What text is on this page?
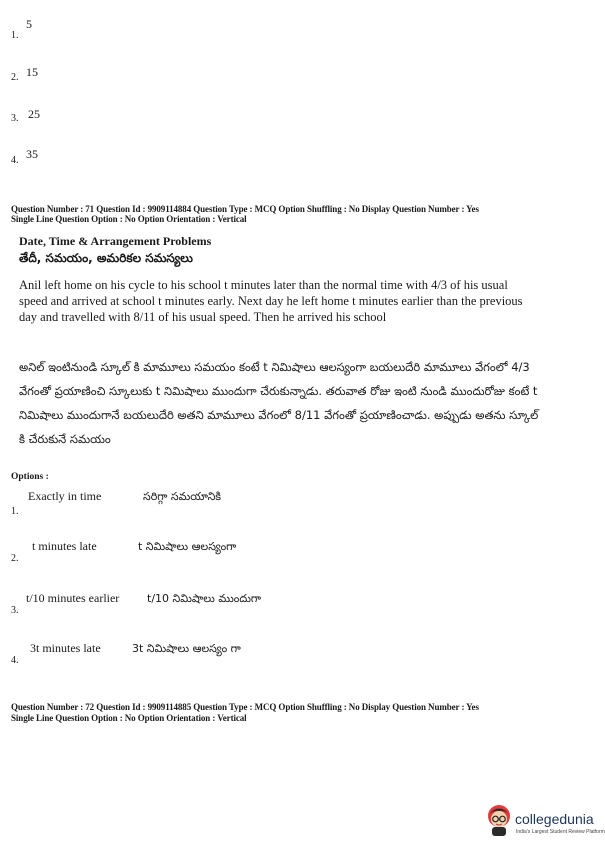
5
1.
15
2.
25
3.
35
4.
Question Number : 71 Question Id : 9909114884 Question Type : MCQ Option Shuffling : No Display Question Number : Yes
Single Line Question Option : No Option Orientation : Vertical
Date, Time & Arrangement Problems
తేదీ, సమయం, అమరికల సమస్యలు
Anil left home on his cycle to his school t minutes later than the normal time with 4/3 of his usual speed and arrived at school t minutes early. Next day he left home t minutes earlier than the previous day and travelled with 8/11 of his usual speed. Then he arrived his school
అనిల్ ఇంటినుండి స్కూల్ కి మామూలు సమయం కంటే t నిమిషాలు ఆలస్యంగా బయలుదేరి మామూలు వేగంలో 4/3 వేగంతో ప్రయాణించి స్కూలుకు t నిమిషాలు ముందుగా చేరుకున్నాడు. తరువాత రోజు ఇంటి నుండి ముందురోజు కంటే t నిమిషాలు ముందుగానే బయలుదేరి అతని మామూలు వేగంలో 8/11 వేగంతో ప్రయాణించాడు. అప్పుడు అతను స్కూల్ కి చేరుకునే సమయం
Options :
Exactly in time	సరిగ్గా సమయానికి
1.
t minutes late	t నిమిషాలు ఆలస్యంగా
2.
t/10 minutes earlier	t/10 నిమిషాలు ముందుగా
3.
3t minutes late	3t నిమిషాలు ఆలస్యం గా
4.
Question Number : 72 Question Id : 9909114885 Question Type : MCQ Option Shuffling : No Display Question Number : Yes
Single Line Question Option : No Option Orientation : Vertical
collegedunia
India's Largest Student Review Platform
